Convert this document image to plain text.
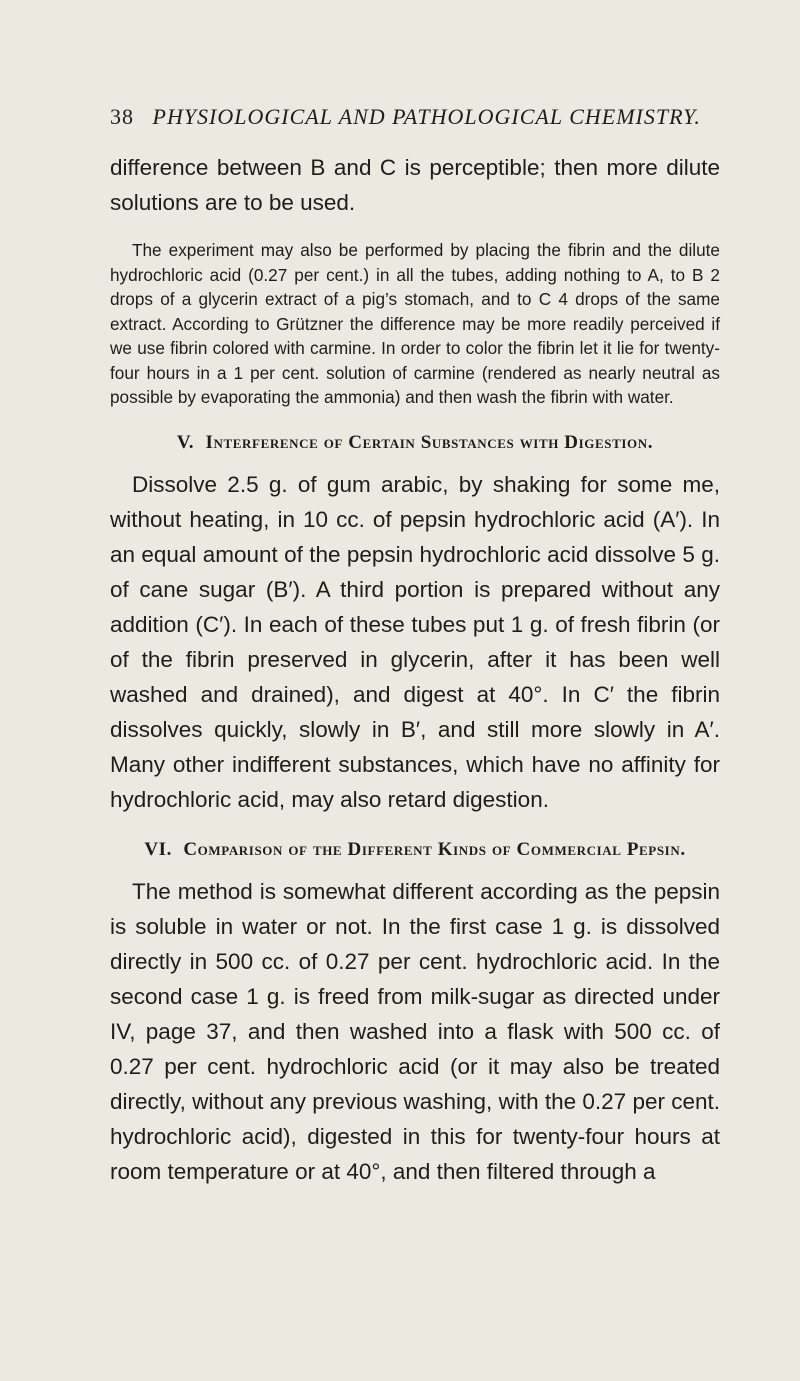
38 PHYSIOLOGICAL AND PATHOLOGICAL CHEMISTRY.

difference between B and C is perceptible; then more dilute solutions are to be used.

The experiment may also be performed by placing the fibrin and the dilute hydrochloric acid (0.27 per cent.) in all the tubes, adding nothing to A, to B 2 drops of a glycerin extract of a pig’s stomach, and to C 4 drops of the same extract. According to Grützner the difference may be more readily perceived if we use fibrin colored with carmine. In order to color the fibrin let it lie for twenty-four hours in a 1 per cent. solution of carmine (rendered as nearly neutral as possible by evaporating the ammonia) and then wash the fibrin with water.

V. Interference of Certain Substances with Digestion.

Dissolve 2.5 g. of gum arabic, by shaking for some me, without heating, in 10 cc. of pepsin hydrochloric acid (A′). In an equal amount of the pepsin hydrochloric acid dissolve 5 g. of cane sugar (B′). A third portion is prepared without any addition (C′). In each of these tubes put 1 g. of fresh fibrin (or of the fibrin preserved in glycerin, after it has been well washed and drained), and digest at 40°. In C′ the fibrin dissolves quickly, slowly in B′, and still more slowly in A′. Many other indifferent substances, which have no affinity for hydrochloric acid, may also retard digestion.

VI. Comparison of the Different Kinds of Commercial Pepsin.

The method is somewhat different according as the pepsin is soluble in water or not. In the first case 1 g. is dissolved directly in 500 cc. of 0.27 per cent. hydrochloric acid. In the second case 1 g. is freed from milk-sugar as directed under IV, page 37, and then washed into a flask with 500 cc. of 0.27 per cent. hydrochloric acid (or it may also be treated directly, without any previous washing, with the 0.27 per cent. hydrochloric acid), digested in this for twenty-four hours at room temperature or at 40°, and then filtered through a
